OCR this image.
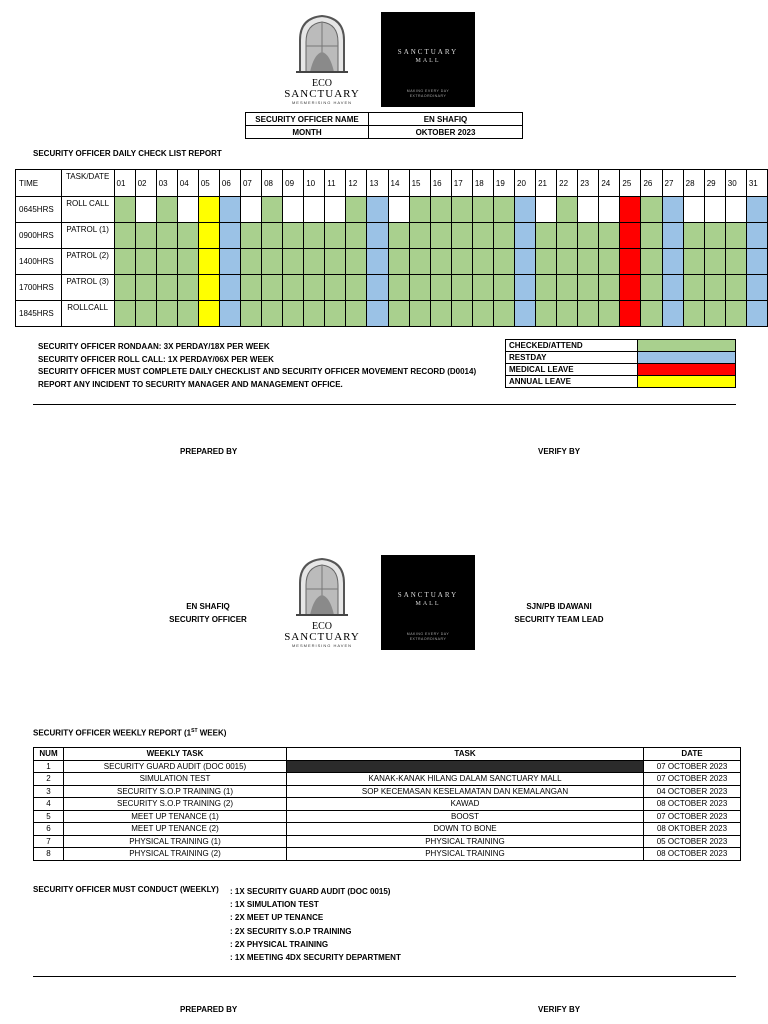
ECO
SANCTUARY
MESMERISING HAVEN
SANCTUARY
MALL
MAKING EVERY DAY
EXTRAORDINARY
SECURITY OFFICER NAME	EN SHAFIQ
MONTH	OKTOBER 2023
SECURITY OFFICER DAILY CHECK LIST REPORT
TIME	TASK/DATE	01	02	03	04	05	06	07	08	09	10	11	12	13	14	15	16	17	18	19	20	21	22	23	24	25	26	27	28	29	30	31
0645HRS	ROLL CALL																															
0900HRS	PATROL (1)																															
1400HRS	PATROL (2)																															
1700HRS	PATROL (3)																															
1845HRS	ROLLCALL																															
SECURITY OFFICER RONDAAN: 3X PERDAY/18X PER WEEK
SECURITY OFFICER ROLL CALL: 1X PERDAY/06X PER WEEK
SECURITY OFFICER MUST COMPLETE DAILY CHECKLIST AND SECURITY OFFICER MOVEMENT RECORD (D0014)
REPORT ANY INCIDENT TO SECURITY MANAGER AND MANAGEMENT OFFICE.
CHECKED/ATTEND	
RESTDAY	
MEDICAL LEAVE	
ANNUAL LEAVE	
PREPARED BY	VERIFY BY
ECO
SANCTUARY
MESMERISING HAVEN
SANCTUARY
MALL
MAKING EVERY DAY
EXTRAORDINARY
EN SHAFIQ
SECURITY OFFICER
SJN/PB IDAWANI
SECURITY TEAM LEAD
SECURITY OFFICER WEEKLY REPORT (1ST WEEK)
NUM	WEEKLY TASK	TASK	DATE
1	SECURITY GUARD AUDIT (DOC 0015)		07 OCTOBER 2023
2	SIMULATION TEST	KANAK-KANAK HILANG DALAM SANCTUARY MALL	07 OCTOBER 2023
3	SECURITY S.O.P TRAINING (1)	SOP KECEMASAN KESELAMATAN DAN KEMALANGAN	04 OCTOBER 2023
4	SECURITY S.O.P TRAINING (2)	KAWAD	08 OCTOBER 2023
5	MEET UP TENANCE (1)	BOOST	07 OCTOBER 2023
6	MEET UP TENANCE (2)	DOWN TO BONE	08 OKTOBER 2023
7	PHYSICAL TRAINING (1)	PHYSICAL TRAINING	05 OCTOBER 2023
8	PHYSICAL TRAINING (2)	PHYSICAL TRAINING	08 OCTOBER 2023
SECURITY OFFICER MUST CONDUCT (WEEKLY) : 1X SECURITY GUARD AUDIT (DOC 0015)
: 1X SIMULATION TEST
: 2X MEET UP TENANCE
: 2X SECURITY S.O.P TRAINING
: 2X PHYSICAL TRAINING
: 1X MEETING 4DX SECURITY DEPARTMENT
PREPARED BY	VERIFY BY
